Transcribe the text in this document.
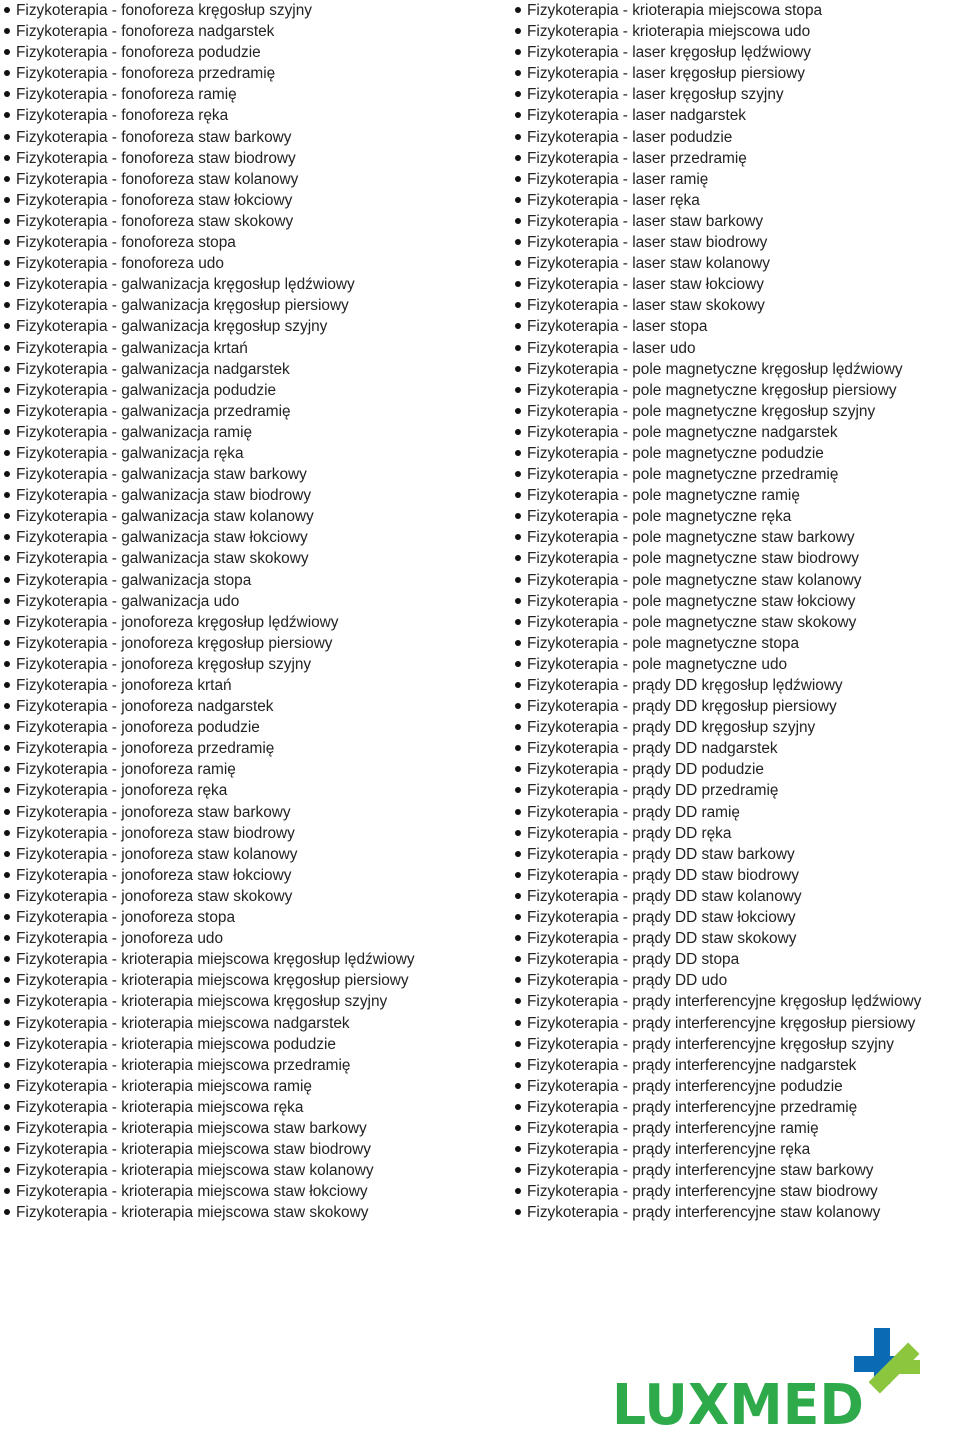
Fizykoterapia - fonoforeza kręgosłup szyjny
Fizykoterapia - fonoforeza nadgarstek
Fizykoterapia - fonoforeza podudzie
Fizykoterapia - fonoforeza przedramię
Fizykoterapia - fonoforeza ramię
Fizykoterapia - fonoforeza ręka
Fizykoterapia - fonoforeza staw barkowy
Fizykoterapia - fonoforeza staw biodrowy
Fizykoterapia - fonoforeza staw kolanowy
Fizykoterapia - fonoforeza staw łokciowy
Fizykoterapia - fonoforeza staw skokowy
Fizykoterapia - fonoforeza stopa
Fizykoterapia - fonoforeza udo
Fizykoterapia - galwanizacja kręgosłup lędźwiowy
Fizykoterapia - galwanizacja kręgosłup piersiowy
Fizykoterapia - galwanizacja kręgosłup szyjny
Fizykoterapia - galwanizacja krtań
Fizykoterapia - galwanizacja nadgarstek
Fizykoterapia - galwanizacja podudzie
Fizykoterapia - galwanizacja przedramię
Fizykoterapia - galwanizacja ramię
Fizykoterapia - galwanizacja ręka
Fizykoterapia - galwanizacja staw barkowy
Fizykoterapia - galwanizacja staw biodrowy
Fizykoterapia - galwanizacja staw kolanowy
Fizykoterapia - galwanizacja staw łokciowy
Fizykoterapia - galwanizacja staw skokowy
Fizykoterapia - galwanizacja stopa
Fizykoterapia - galwanizacja udo
Fizykoterapia - jonoforeza kręgosłup lędźwiowy
Fizykoterapia - jonoforeza kręgosłup piersiowy
Fizykoterapia - jonoforeza kręgosłup szyjny
Fizykoterapia - jonoforeza krtań
Fizykoterapia - jonoforeza nadgarstek
Fizykoterapia - jonoforeza podudzie
Fizykoterapia - jonoforeza przedramię
Fizykoterapia - jonoforeza ramię
Fizykoterapia - jonoforeza ręka
Fizykoterapia - jonoforeza staw barkowy
Fizykoterapia - jonoforeza staw biodrowy
Fizykoterapia - jonoforeza staw kolanowy
Fizykoterapia - jonoforeza staw łokciowy
Fizykoterapia - jonoforeza staw skokowy
Fizykoterapia - jonoforeza stopa
Fizykoterapia - jonoforeza udo
Fizykoterapia - krioterapia miejscowa kręgosłup lędźwiowy
Fizykoterapia - krioterapia miejscowa kręgosłup piersiowy
Fizykoterapia - krioterapia miejscowa kręgosłup szyjny
Fizykoterapia - krioterapia miejscowa nadgarstek
Fizykoterapia - krioterapia miejscowa podudzie
Fizykoterapia - krioterapia miejscowa przedramię
Fizykoterapia - krioterapia miejscowa ramię
Fizykoterapia - krioterapia miejscowa ręka
Fizykoterapia - krioterapia miejscowa staw barkowy
Fizykoterapia - krioterapia miejscowa staw biodrowy
Fizykoterapia - krioterapia miejscowa staw kolanowy
Fizykoterapia - krioterapia miejscowa staw łokciowy
Fizykoterapia - krioterapia miejscowa staw skokowy
Fizykoterapia - krioterapia miejscowa stopa
Fizykoterapia - krioterapia miejscowa udo
Fizykoterapia - laser kręgosłup lędźwiowy
Fizykoterapia - laser kręgosłup piersiowy
Fizykoterapia - laser kręgosłup szyjny
Fizykoterapia - laser nadgarstek
Fizykoterapia - laser podudzie
Fizykoterapia - laser przedramię
Fizykoterapia - laser ramię
Fizykoterapia - laser ręka
Fizykoterapia - laser staw barkowy
Fizykoterapia - laser staw biodrowy
Fizykoterapia - laser staw kolanowy
Fizykoterapia - laser staw łokciowy
Fizykoterapia - laser staw skokowy
Fizykoterapia - laser stopa
Fizykoterapia - laser udo
Fizykoterapia - pole magnetyczne kręgosłup lędźwiowy
Fizykoterapia - pole magnetyczne kręgosłup piersiowy
Fizykoterapia - pole magnetyczne kręgosłup szyjny
Fizykoterapia - pole magnetyczne nadgarstek
Fizykoterapia - pole magnetyczne podudzie
Fizykoterapia - pole magnetyczne przedramię
Fizykoterapia - pole magnetyczne ramię
Fizykoterapia - pole magnetyczne ręka
Fizykoterapia - pole magnetyczne staw barkowy
Fizykoterapia - pole magnetyczne staw biodrowy
Fizykoterapia - pole magnetyczne staw kolanowy
Fizykoterapia - pole magnetyczne staw łokciowy
Fizykoterapia - pole magnetyczne staw skokowy
Fizykoterapia - pole magnetyczne stopa
Fizykoterapia - pole magnetyczne udo
Fizykoterapia - prądy DD kręgosłup lędźwiowy
Fizykoterapia - prądy DD kręgosłup piersiowy
Fizykoterapia - prądy DD kręgosłup szyjny
Fizykoterapia - prądy DD nadgarstek
Fizykoterapia - prądy DD podudzie
Fizykoterapia - prądy DD przedramię
Fizykoterapia - prądy DD ramię
Fizykoterapia - prądy DD ręka
Fizykoterapia - prądy DD staw barkowy
Fizykoterapia - prądy DD staw biodrowy
Fizykoterapia - prądy DD staw kolanowy
Fizykoterapia - prądy DD staw łokciowy
Fizykoterapia - prądy DD staw skokowy
Fizykoterapia - prądy DD stopa
Fizykoterapia - prądy DD udo
Fizykoterapia - prądy interferencyjne kręgosłup lędźwiowy
Fizykoterapia - prądy interferencyjne kręgosłup piersiowy
Fizykoterapia - prądy interferencyjne kręgosłup szyjny
Fizykoterapia - prądy interferencyjne nadgarstek
Fizykoterapia - prądy interferencyjne podudzie
Fizykoterapia - prądy interferencyjne przedramię
Fizykoterapia - prądy interferencyjne ramię
Fizykoterapia - prądy interferencyjne ręka
Fizykoterapia - prądy interferencyjne staw barkowy
Fizykoterapia - prądy interferencyjne staw biodrowy
Fizykoterapia - prądy interferencyjne staw kolanowy
LUXMED
